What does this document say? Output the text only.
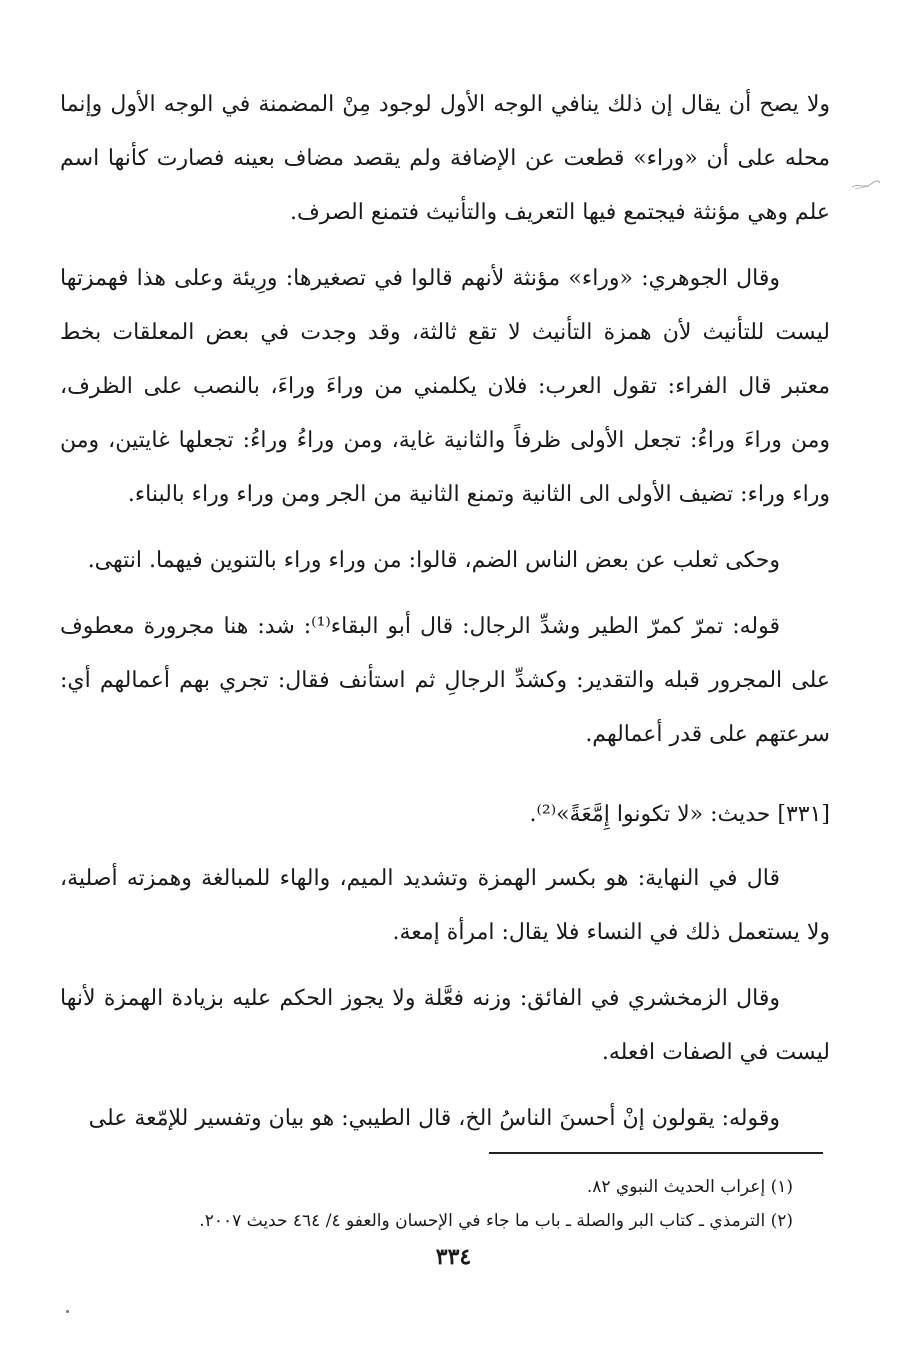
ولا يصح أن يقال إن ذلك ينافي الوجه الأول لوجود مِنْ المضمنة في الوجه الأول وإنما محله على أن «وراء» قطعت عن الإضافة ولم يقصد مضاف بعينه فصارت كأنها اسم علم وهي مؤنثة فيجتمع فيها التعريف والتأنيث فتمنع الصرف.

وقال الجوهري: «وراء» مؤنثة لأنهم قالوا في تصغيرها: ورِيئة وعلى هذا فهمزتها ليست للتأنيث لأن همزة التأنيث لا تقع ثالثة، وقد وجدت في بعض المعلقات بخط معتبر قال الفراء: تقول العرب: فلان يكلمني من وراءَ وراءَ، بالنصب على الظرف، ومن وراءَ وراءُ: تجعل الأولى ظرفاً والثانية غاية، ومن وراءُ وراءُ: تجعلها غايتين، ومن وراء وراء: تضيف الأولى الى الثانية وتمنع الثانية من الجر ومن وراء وراء بالبناء.

وحكى ثعلب عن بعض الناس الضم، قالوا: من وراء وراء بالتنوين فيهما. انتهى.

قوله: تمرّ كمرّ الطير وشدِّ الرجال: قال أبو البقاء⁽¹⁾: شد: هنا مجرورة معطوف على المجرور قبله والتقدير: وكشدِّ الرجالِ ثم استأنف فقال: تجري بهم أعمالهم أي: سرعتهم على قدر أعمالهم.

[٣٣١] حديث: «لا تكونوا إِمَّعَةً»⁽²⁾.

قال في النهاية: هو بكسر الهمزة وتشديد الميم، والهاء للمبالغة وهمزته أصلية، ولا يستعمل ذلك في النساء فلا يقال: امرأة إمعة.

وقال الزمخشري في الفائق: وزنه فعَّلة ولا يجوز الحكم عليه بزيادة الهمزة لأنها ليست في الصفات افعله.

وقوله: يقولون إنْ أحسنَ الناسُ الخ، قال الطيبي: هو بيان وتفسير للإمّعة على

(١) إعراب الحديث النبوي ٨٢.

(٢) الترمذي ـ كتاب البر والصلة ـ باب ما جاء في الإحسان والعفو ٤/ ٤٦٤ حديث ٢٠٠٧.

٣٣٤
